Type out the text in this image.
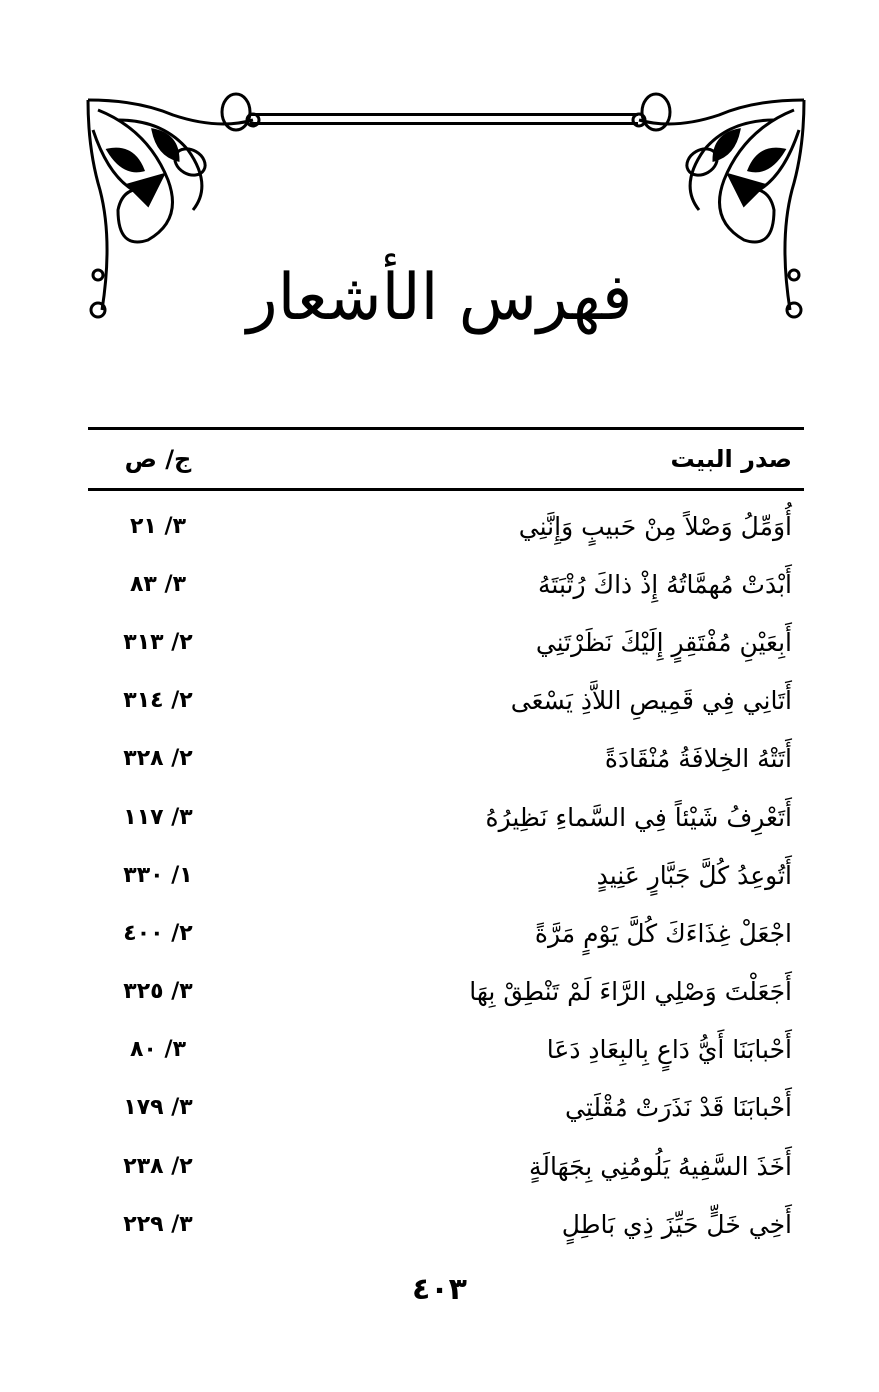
فهرس الأشعار
صدر البيت
ج/ ص
أُوَمِّلُ وَصْلاً مِنْ حَبيبٍ وَإِنَّنِي
٣/ ٢١
أَبْدَتْ مُهمَّاتُهُ إِذْ ذاكَ رُتْبَتَهُ
٣/ ٨٣
أَبِعَيْنِ مُفْتَقِرٍ إِلَيْكَ نَظَرْتَنِي
٢/ ٣١٣
أَتَانِي فِي قَمِيصِ اللاَّذِ يَسْعَى
٢/ ٣١٤
أَتَتْهُ الخِلافَةُ مُنْقَادَةً
٢/ ٣٢٨
أَتَعْرِفُ شَيْئاً فِي السَّماءِ نَظِيرُهُ
٣/ ١١٧
أَتُوعِدُ كُلَّ جَبَّارٍ عَنِيدٍ
١/ ٣٣٠
اجْعَلْ غِذَاءَكَ كُلَّ يَوْمٍ مَرَّةً
٢/ ٤٠٠
أَجَعَلْتَ وَصْلِي الرَّاءَ لَمْ تَنْطِقْ بِهَا
٣/ ٣٢٥
أَحْبابَنَا أَيُّ دَاعٍ بِالبِعَادِ دَعَا
٣/ ٨٠
أَحْبابَنَا قَدْ نَذَرَتْ مُقْلَتِي
٣/ ١٧٩
أَخَذَ السَّفِيهُ يَلُومُنِي بِجَهَالَةٍ
٢/ ٢٣٨
أَخِي خَلٍّ حَيِّزَ ذِي بَاطِلٍ
٣/ ٢٢٩
٤٠٣
